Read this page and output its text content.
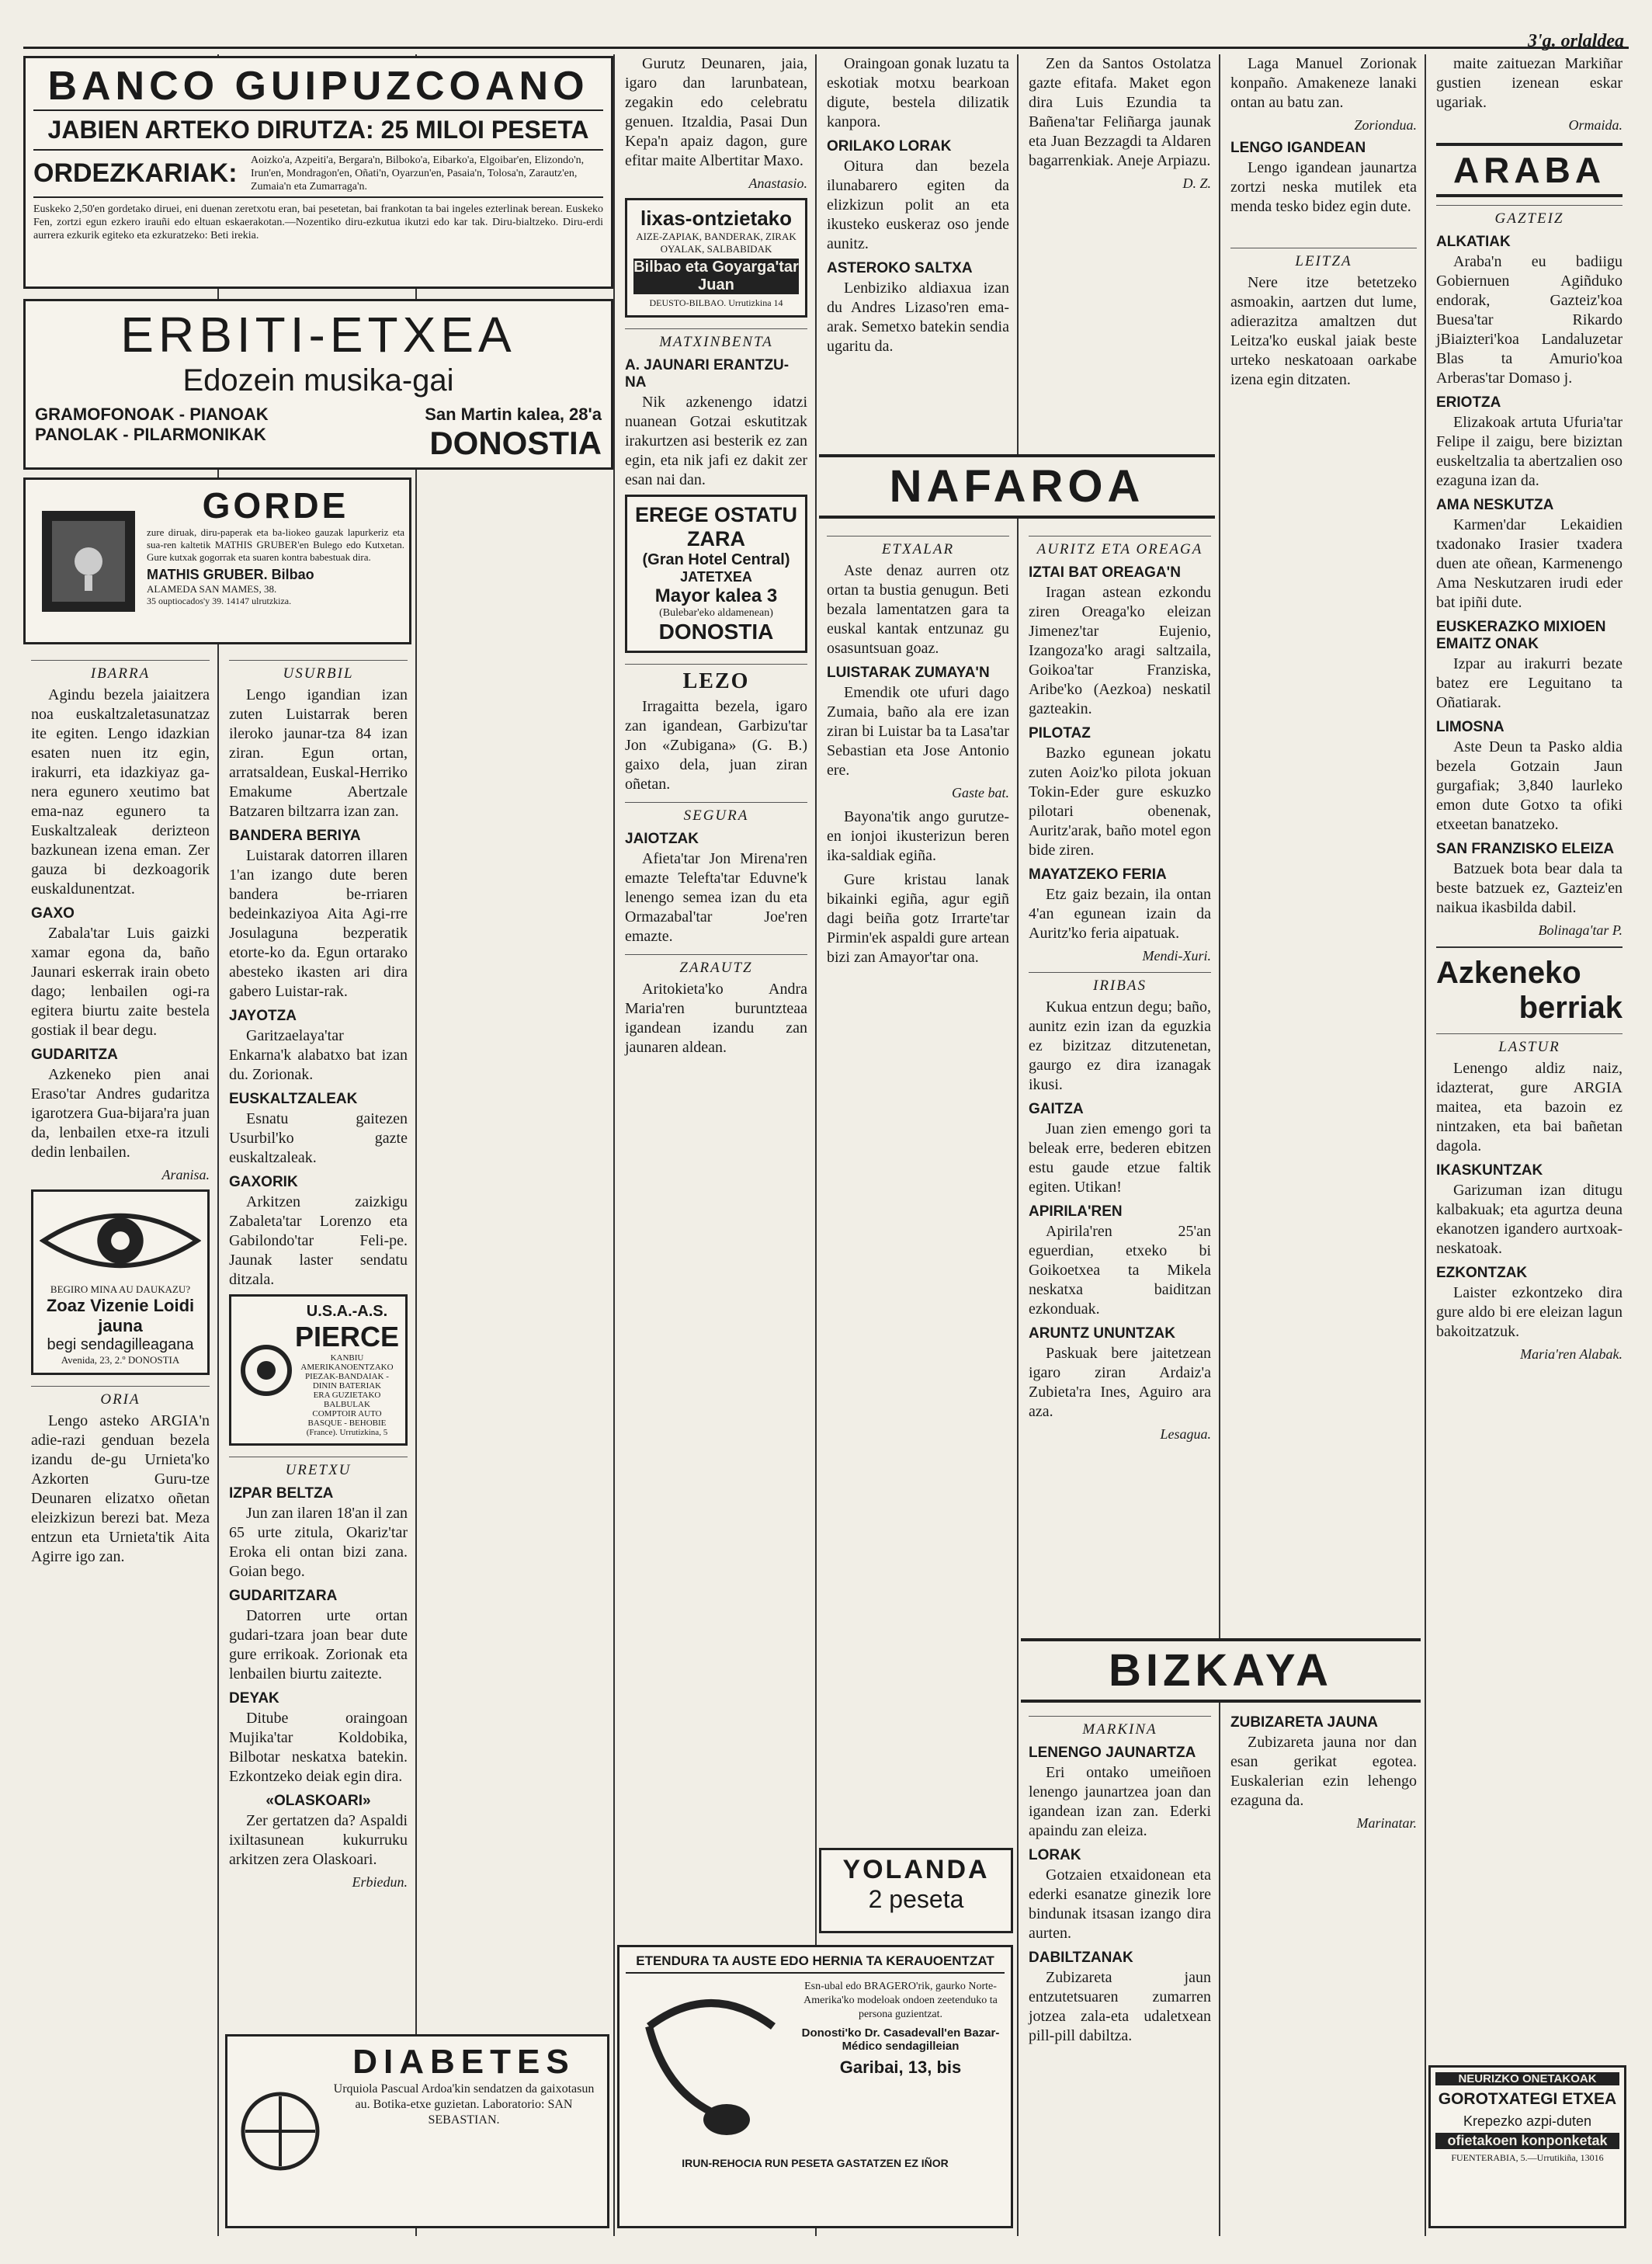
3'g. orlaldea
BANCO GUIPUZCOANO
JABIEN ARTEKO DIRUTZA: 25 MILOI PESETA
ORDEZKARIAK:	Aoizko'a, Azpeiti'a, Bergara'n, Bilboko'a, Eibarko'a, Elgoibar'en, Elizondo'n, Irun'en, Mondragon'en, Oñati'n, Oyarzun'en, Pasaia'n, Tolosa'n, Zarautz'en, Zumaia'n eta Zumarraga'n.
Euskeko 2,50'en gordetako diruei, eni duenan zeretxotu eran, bai pesetetan, bai frankotan ta bai ingeles ezterlinak berean. Euskeko Fen, zortzi egun ezkero irauñi edo eltuan eskaerakotan.—Nozentiko diru-ezkutua ikutzi edo kar tak. Diru-bialtzeko. Diru-erdi aurrera ezkurik egiteko eta ezkuratzeko: Beti irekia.
ERBITI-ETXEA
Edozein musika-gai
GRAMOFONOAK - PIANOAK
PANOLAK - PILARMONIKAK
San Martin kalea, 28'a
DONOSTIA
GORDE
zure diruak, diru-paperak eta ba-liokeo gauzak lapurkeriz eta sua-ren kaltetik MATHIS GRUBER'en Bulego edo Kutxetan. Gure kutxak gogorrak eta suaren kontra babestuak dira.
MATHIS GRUBER. Bilbao
ALAMEDA SAN MAMES, 38.
35 ouptiocados'y 39. 14147 ulrutzkiza.
IBARRA

Agindu bezela jaiaitzera noa euskaltzaletasunatzaz ite egiten. Lengo idazkian esaten nuen itz egin, irakurri, eta idazkiyaz ga-nera egunero xeutimo bat ema-naz egunero ta Euskaltzaleak derizteon bazkunean izena eman. Zer gauza bi dezkoagorik euskaldunentzat.

GAXO

Zabala'tar Luis gaizki xamar egona da, baño Jaunari eskerrak irain obeto dago; lenbailen ogi-ra egitera biurtu zaite bestela gostiak il bear degu.

GUDARITZA

Azkeneko pien anai Eraso'tar Andres gudaritza igarotzera Gua-bijara'ra juan da, lenbailen etxe-ra itzuli dedin lenbailen.

Aranisa.
BEGIRO MINA AU DAUKAZU?
Zoaz Vizenie Loidi jauna
begi sendagilleagana
Avenida, 23, 2.º DONOSTIA
ORIA

Lengo asteko ARGIA'n adie-razi genduan bezela izandu de-gu Urnieta'ko Azkorten Guru-tze Deunaren elizatxo oñetan eleizkizun berezi bat. Meza entzun eta Urnieta'tik Aita Agirre igo zan.

USURBIL

Lengo igandian izan zuten Luistarrak beren ileroko jaunar-tza 84 izan ziran. Egun ortan, arratsaldean, Euskal-Herriko Emakume Abertzale Batzaren biltzarra izan zan.

BANDERA BERIYA

Luistarak datorren illaren 1'an izango dute beren bandera be-rriaren bedeinkaziyoa Aita Agi-rre Josulaguna bezperatik etorte-ko da. Egun ortarako abesteko ikasten ari dira gabero Luistar-rak.

JAYOTZA

Garitzaelaya'tar Enkarna'k alabatxo bat izan du. Zorionak.

EUSKALTZALEAK

Esnatu gaitezen Usurbil'ko gazte euskaltzaleak.

GAXORIK

Arkitzen zaizkigu Zabaleta'tar Lorenzo eta Gabilondo'tar Feli-pe. Jaunak laster sendatu ditzala.

U.S.A.-A.S.
PIERCE
KANBIU AMERIKANOENTZAKO PIEZAK-BANDAIAK - DININ BATERIAK
ERA GUZIETAKO BALBULAK
COMPTOIR AUTO BASQUE - BEHOBIE (France). Urrutizkina, 5
URETXU
IZPAR BELTZA

Jun zan ilaren 18'an il zan 65 urte zitula, Okariz'tar Eroka eli ontan bizi zana. Goian bego.

GUDARITZARA

Datorren urte ortan gudari-tzara joan bear dute gure errikoak. Zorionak eta lenbailen biurtu zaitezte.

DEYAK

Ditube oraingoan Mujika'tar Koldobika, Bilbotar neskatxa batekin. Ezkontzeko deiak egin dira.

«OLASKOARI»

Zer gertatzen da? Aspaldi ixiltasunean kukurruku arkitzen zera Olaskoari.

Erbiedun.
DIABETES
Urquiola Pascual Ardoa'kin sendatzen da gaixotasun au. Botika-etxe guzietan. Laboratorio: SAN SEBASTIAN.

Gurutz Deunaren, jaia, igaro dan larunbatean, zegakin edo celebratu genuen. Itzaldia, Pasai Dun Kepa'n apaiz dagon, gure efitar maite Albertitar Maxo.

Anastasio.
lixas-ontzietako
AIZE-ZAPIAK, BANDERAK, ZIRAK OYALAK, SALBABIDAK
Bilbao eta Goyarga'tar Juan
DEUSTO-BILBAO. Urrutizkina 14
MATXINBENTA
A. JAUNARI ERANTZU-NA

Nik azkenengo idatzi nuanean Gotzai eskutitzak irakurtzen asi besterik ez zan egin, eta nik jafi ez dakit zer esan nai dan.

EREGE OSTATU ZARA
(Gran Hotel Central)
JATETXEA
Mayor kalea 3
(Bulebar'eko aldamenean)
DONOSTIA
LEZO

Irragaitta bezela, igaro zan igandean, Garbizu'tar Jon «Zubigana» (G. B.) gaixo dela, juan ziran oñetan.

SEGURA
JAIOTZAK

Afieta'tar Jon Mirena'ren emazte Telefta'tar Eduvne'k lenengo semea izan du eta Ormazabal'tar Joe'ren emazte.

ZARAUTZ

Aritokieta'ko Andra Maria'ren buruntzteaa igandean izandu zan jaunaren aldean.

YOLANDA
2 peseta
ETENDURA TA AUSTE EDO HERNIA TA KERAUOENTZAT
Esn-ubal edo BRAGERO'rik, gaurko Norte-Amerika'ko modeloak ondoen zeetenduko ta persona guzientzat.
Donosti'ko Dr. Casadevall'en Bazar-Médico sendagilleian
Garibai, 13, bis
IRUN-REHOCIA RUN PESETA GASTATZEN EZ IÑOR

Oraingoan gonak luzatu ta eskotiak motxu bearkoan digute, bestela dilizatik kanpora.

ORILAKO LORAK

Oitura dan bezela ilunabarero egiten da elizkizun polit an eta ikusteko euskeraz oso jende aunitz.

ASTEROKO SALTXA

Lenbiziko aldiaxua izan du Andres Lizaso'ren ema-arak. Semetxo batekin sendia ugaritu da.

NAFAROA
ETXALAR

Aste denaz aurren otz ortan ta bustia genugun. Beti bezala lamentatzen gara ta euskal kantak entzunaz gu osasuntsuan goaz.

LUISTARAK ZUMAYA'N

Emendik ote ufuri dago Zumaia, baño ala ere izan ziran bi Luistar ba ta Lasa'tar Sebastian eta Jose Antonio ere.

Gaste bat.

Bayona'tik ango gurutze-en ionjoi ikusterizun beren ika-saldiak egiña.

Gure kristau lanak bikainki egiña, agur egiñ dagi beiña gotz Irrarte'tar Pirmin'ek aspaldi gure artean bizi zan Amayor'tar ona.

Zen da Santos Ostolatza gazte efitafa. Maket egon dira Luis Ezundia ta Bañena'tar Feliñarga jaunak eta Juan Bezzagdi ta Aldaren bagarrenkiak. Aneje Arpiazu.

D. Z.
AURITZ ETA OREAGA
IZTAI BAT OREAGA'N

Iragan astean ezkondu ziren Oreaga'ko eleizan Jimenez'tar Eujenio, Izangoza'ko aragi saltzaila, Goikoa'tar Franziska, Aribe'ko (Aezkoa) neskatil gazteakin.

PILOTAZ

Bazko egunean jokatu zuten Aoiz'ko pilota jokuan Tokin-Eder gure eskuzko pilotari obenenak, Auritz'arak, baño motel egon bide ziren.

MAYATZEKO FERIA

Etz gaiz bezain, ila ontan 4'an egunean izain da Auritz'ko feria aipatuak.

Mendi-Xuri.
IRIBAS

Kukua entzun degu; baño, aunitz ezin izan da eguzkia ez bizitzaz ditzutenetan, gaurgo ez dira izanagak ikusi.

GAITZA

Juan zien emengo gori ta beleak erre, bederen ebitzen estu gaude etzue faltik egiten. Utikan!

APIRILA'REN

Apirila'ren 25'an eguerdian, etxeko bi Goikoetxea ta Mikela neskatxa baiditzan ezkonduak.

ARUNTZ UNUNTZAK

Paskuak bere jaitetzean igaro ziran Ardaiz'a Zubieta'ra Ines, Aguiro ara aza.

Lesagua.
BIZKAYA
MARKINA
LENENGO JAUNARTZA

Eri ontako umeiñoen lenengo jaunartzea joan dan igandean izan zan. Ederki apaindu zan eleiza.

LORAK

Gotzaien etxaidonean eta ederki esanatze ginezik lore bindunak itsasan izango dira aurten.

DABILTZANAK

Zubizareta jaun entzutetsuaren zumarren jotzea zala-eta udaletxean pill-pill dabiltza.

Laga Manuel Zorionak konpaño. Amakeneze lanaki ontan au batu zan.

Zoriondua.
LENGO IGANDEAN

Lengo igandean jaunartza zortzi neska mutilek eta menda tesko bidez egin dute.

LEITZA

Nere itze betetzeko asmoakin, aartzen dut lume, adierazitza amaltzen dut Leitza'ko euskal jaiak beste urteko neskatoaan oarkabe izena egin ditzaten.

ZUBIZARETA JAUNA

Zubizareta jauna nor dan esan gerikat egotea. Euskalerian ezin lehengo ezaguna da.

Marinatar.

maite zaituezan Markiñar gustien izenean eskar ugariak.

Ormaida.
ARABA
GAZTEIZ
ALKATIAK

Araba'n eu badiigu Gobiernuen Agiñduko endorak, Gazteiz'koa Buesa'tar Rikardo jBiaizteri'koa Landaluzetar Blas ta Amurio'koa Arberas'tar Domaso j.

ERIOTZA

Elizakoak artuta Ufuria'tar Felipe il zaigu, bere biziztan euskeltzalia ta abertzalien oso ezaguna izan da.

AMA NESKUTZA

Karmen'dar Lekaidien txadonako Irasier txadera duen ate oñean, Karmenengo Ama Neskutzaren irudi eder bat ipiñi dute.

EUSKERAZKO MIXIOEN EMAITZ ONAK

Izpar au irakurri bezate batez ere Leguitano ta Oñatiarak.

LIMOSNA

Aste Deun ta Pasko aldia bezela Gotzain Jaun gurgafiak; 3,840 laurleko emon dute Gotxo ta ofiki etxeetan banatzeko.

SAN FRANZISKO ELEIZA

Batzuek bota bear dala ta beste batzuek ez, Gazteiz'en naikua ikasbilda dabil.

Bolinaga'tar P.
Azkeneko
berriak
LASTUR

Lenengo aldiz naiz, idazterat, gure ARGIA maitea, eta bazoin ez nintzaken, eta bai bañetan dagola.

IKASKUNTZAK

Garizuman izan ditugu kalbakuak; eta agurtza deuna ekanotzen igandero aurtxoak-neskatoak.

EZKONTZAK

Laister ezkontzeko dira gure aldo bi ere eleizan lagun bakoitzatzuk.

Maria'ren Alabak.
NEURIZKO ONETAKOAK
GOROTXATEGI ETXEA
Krepezko azpi-duten
ofietakoen konponketak
FUENTERABIA, 5.—Urrutikiña, 13016
